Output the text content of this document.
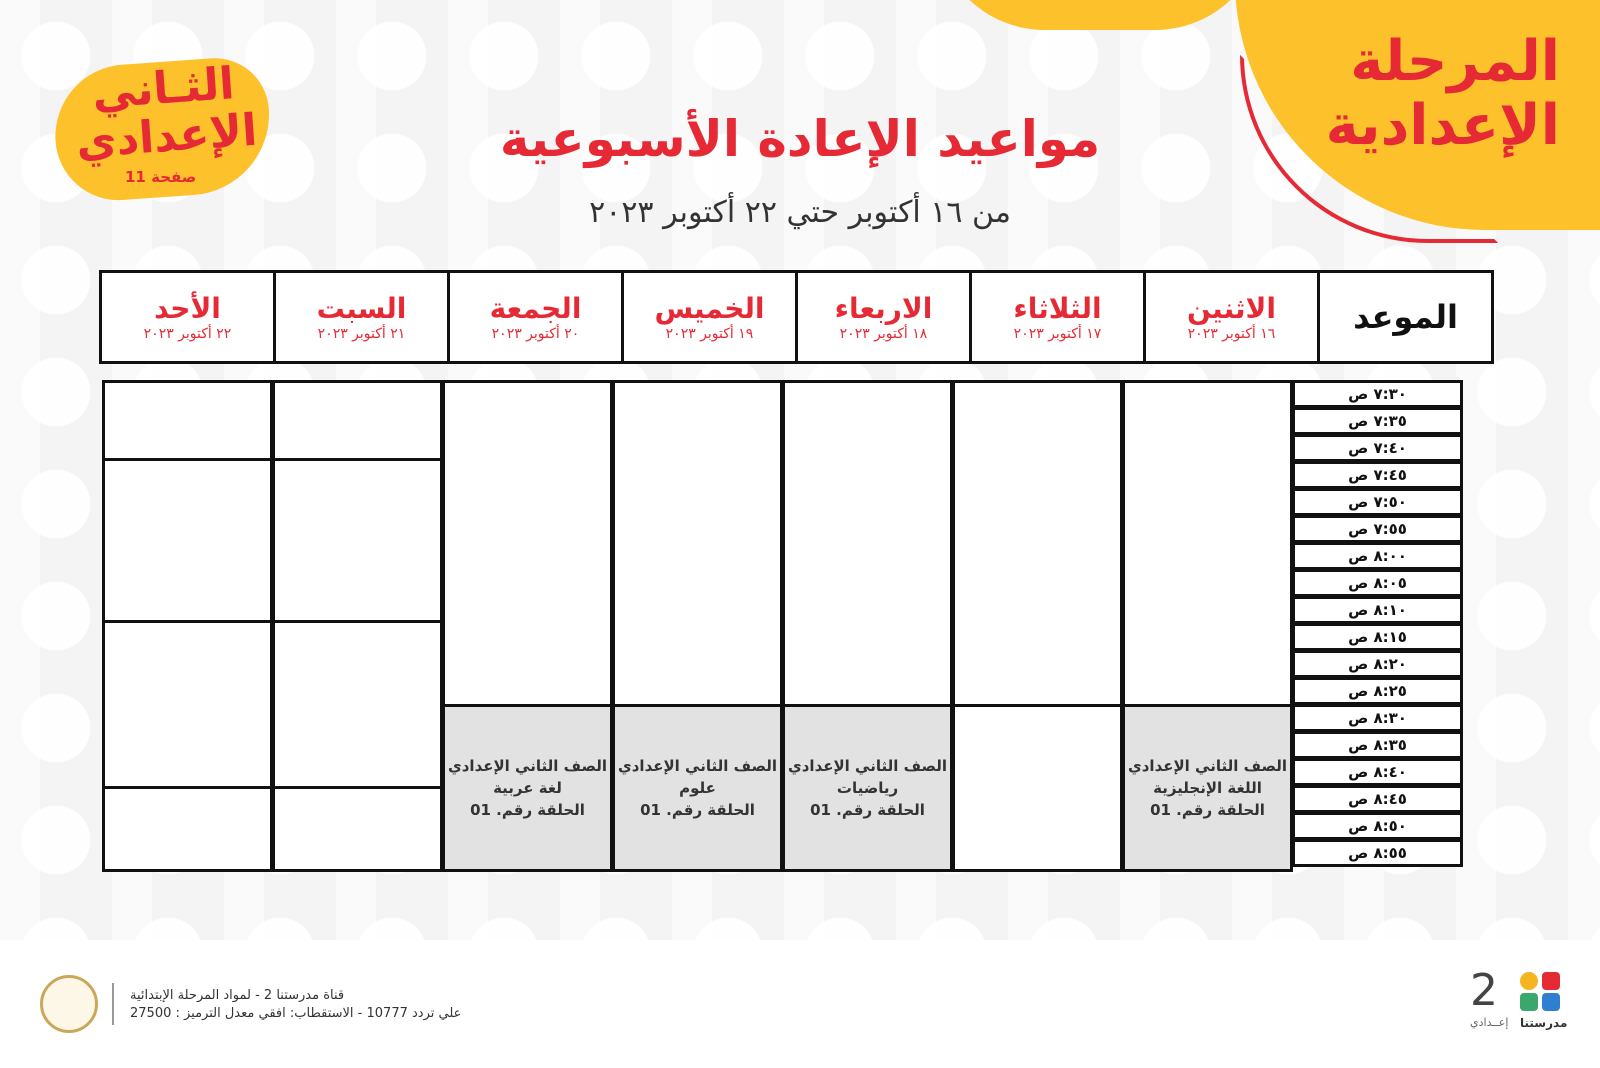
المرحلة
الإعدادية
الثـاني
الإعدادي
صفحة 11
مواعيد الإعادة الأسبوعية
من ١٦ أكتوبر حتي ٢٢ أكتوبر ٢٠٢٣
الأحد
٢٢ أكتوبر ٢٠٢٣
السبت
٢١ أكتوبر ٢٠٢٣
الجمعة
٢٠ أكتوبر ٢٠٢٣
الخميس
١٩ أكتوبر ٢٠٢٣
الاربعاء
١٨ أكتوبر ٢٠٢٣
الثلاثاء
١٧ أكتوبر ٢٠٢٣
الاثنين
١٦ أكتوبر ٢٠٢٣ الموعد
الصف الثاني الإعدادي
لغة عربية
الحلقة رقم. 01
الصف الثاني الإعدادي
علوم
الحلقة رقم. 01
الصف الثاني الإعدادي
رياضيات
الحلقة رقم. 01
الصف الثاني الإعدادي
اللغة الإنجليزية
الحلقة رقم. 01
٧:٣٠ ص
٧:٣٥ ص
٧:٤٠ ص
٧:٤٥ ص
٧:٥٠ ص
٧:٥٥ ص
٨:٠٠ ص
٨:٠٥ ص
٨:١٠ ص
٨:١٥ ص
٨:٢٠ ص
٨:٢٥ ص
٨:٣٠ ص
٨:٣٥ ص
٨:٤٠ ص
٨:٤٥ ص
٨:٥٠ ص
٨:٥٥ ص
قناة مدرستنا 2 - لمواد المرحلة الإبتدائية
علي تردد 10777 - الاستقطاب: افقي معدل الترميز : 27500	2
إعــدادي مدرستنا
